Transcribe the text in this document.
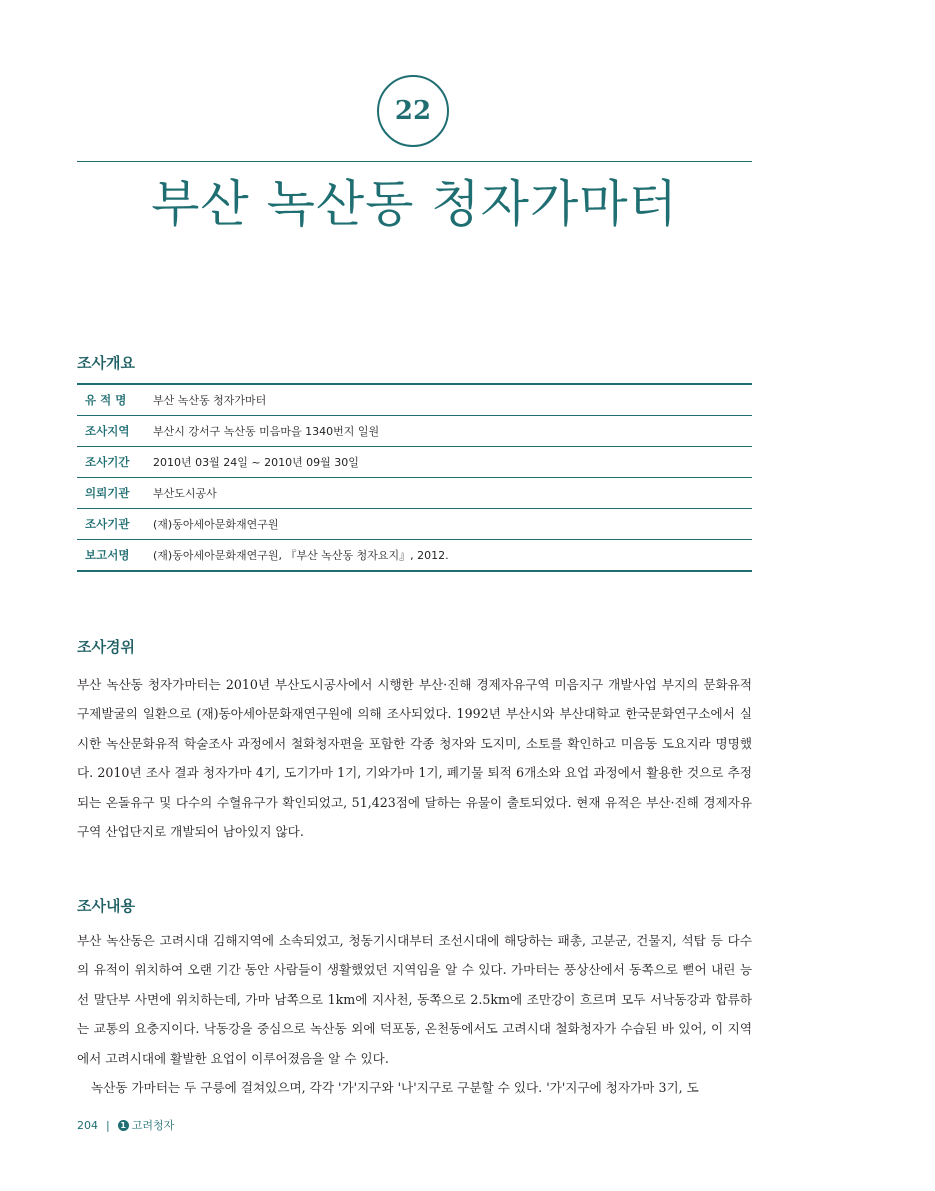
22
부산 녹산동 청자가마터
조사개요
유 적 명	부산 녹산동 청자가마터
조사지역	부산시 강서구 녹산동 미음마을 1340번지 일원
조사기간	2010년 03월 24일 ~ 2010년 09월 30일
의뢰기관	부산도시공사
조사기관	(재)동아세아문화재연구원
보고서명	(재)동아세아문화재연구원, 『부산 녹산동 청자요지』, 2012.
조사경위

부산 녹산동 청자가마터는 2010년 부산도시공사에서 시행한 부산·진해 경제자유구역 미음지구 개발사업 부지의 문화유적 구제발굴의 일환으로 (재)동아세아문화재연구원에 의해 조사되었다. 1992년 부산시와 부산대학교 한국문화연구소에서 실시한 녹산문화유적 학술조사 과정에서 철화청자편을 포함한 각종 청자와 도지미, 소토를 확인하고 미음동 도요지라 명명했다. 2010년 조사 결과 청자가마 4기, 도기가마 1기, 기와가마 1기, 폐기물 퇴적 6개소와 요업 과정에서 활용한 것으로 추정되는 온돌유구 및 다수의 수혈유구가 확인되었고, 51,423점에 달하는 유물이 출토되었다. 현재 유적은 부산·진해 경제자유구역 산업단지로 개발되어 남아있지 않다.

조사내용

부산 녹산동은 고려시대 김해지역에 소속되었고, 청동기시대부터 조선시대에 해당하는 패총, 고분군, 건물지, 석탑 등 다수의 유적이 위치하여 오랜 기간 동안 사람들이 생활했었던 지역임을 알 수 있다. 가마터는 풍상산에서 동쪽으로 뻗어 내린 능선 말단부 사면에 위치하는데, 가마 남쪽으로 1km에 지사천, 동쪽으로 2.5km에 조만강이 흐르며 모두 서낙동강과 합류하는 교통의 요충지이다. 낙동강을 중심으로 녹산동 외에 덕포동, 온천동에서도 고려시대 철화청자가 수습된 바 있어, 이 지역에서 고려시대에 활발한 요업이 이루어졌음을 알 수 있다.

녹산동 가마터는 두 구릉에 걸쳐있으며, 각각 '가'지구와 '나'지구로 구분할 수 있다. '가'지구에 청자가마 3기, 도

204 |	1 고려청자
